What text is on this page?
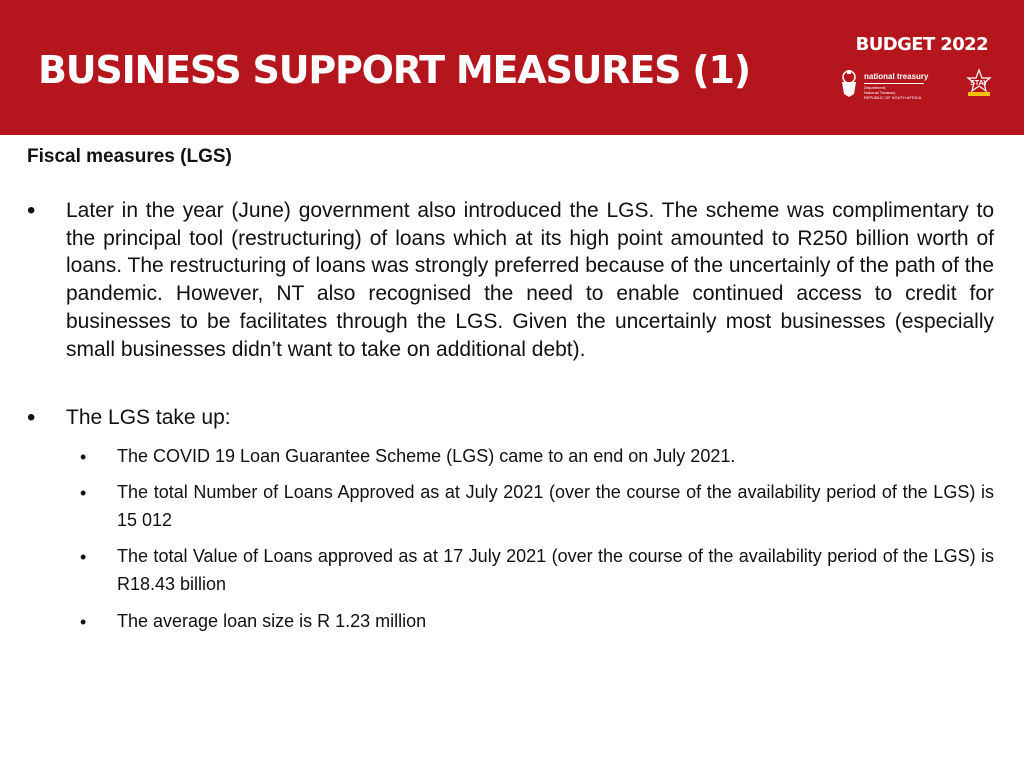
BUSINESS SUPPORT MEASURES (1)
BUDGET 2022
national treasury
Department:
National Treasury
REPUBLIC OF SOUTH AFRICA
STAY
Fiscal measures (LGS)
• Later in the year (June) government also introduced the LGS. The scheme was complimentary to the principal tool (restructuring) of loans which at its high point amounted to R250 billion worth of loans. The restructuring of loans was strongly preferred because of the uncertainly of the path of the pandemic. However, NT also recognised the need to enable continued access to credit for businesses to be facilitates through the LGS. Given the uncertainly most businesses (especially small businesses didn’t want to take on additional debt).

• The LGS take up:

• The COVID 19 Loan Guarantee Scheme (LGS) came to an end on July 2021.

• The total Number of Loans Approved as at July 2021 (over the course of the availability period of the LGS) is 15 012

• The total Value of Loans approved as at 17 July 2021 (over the course of the availability period of the LGS) is R18.43 billion

• The average loan size is R 1.23 million
